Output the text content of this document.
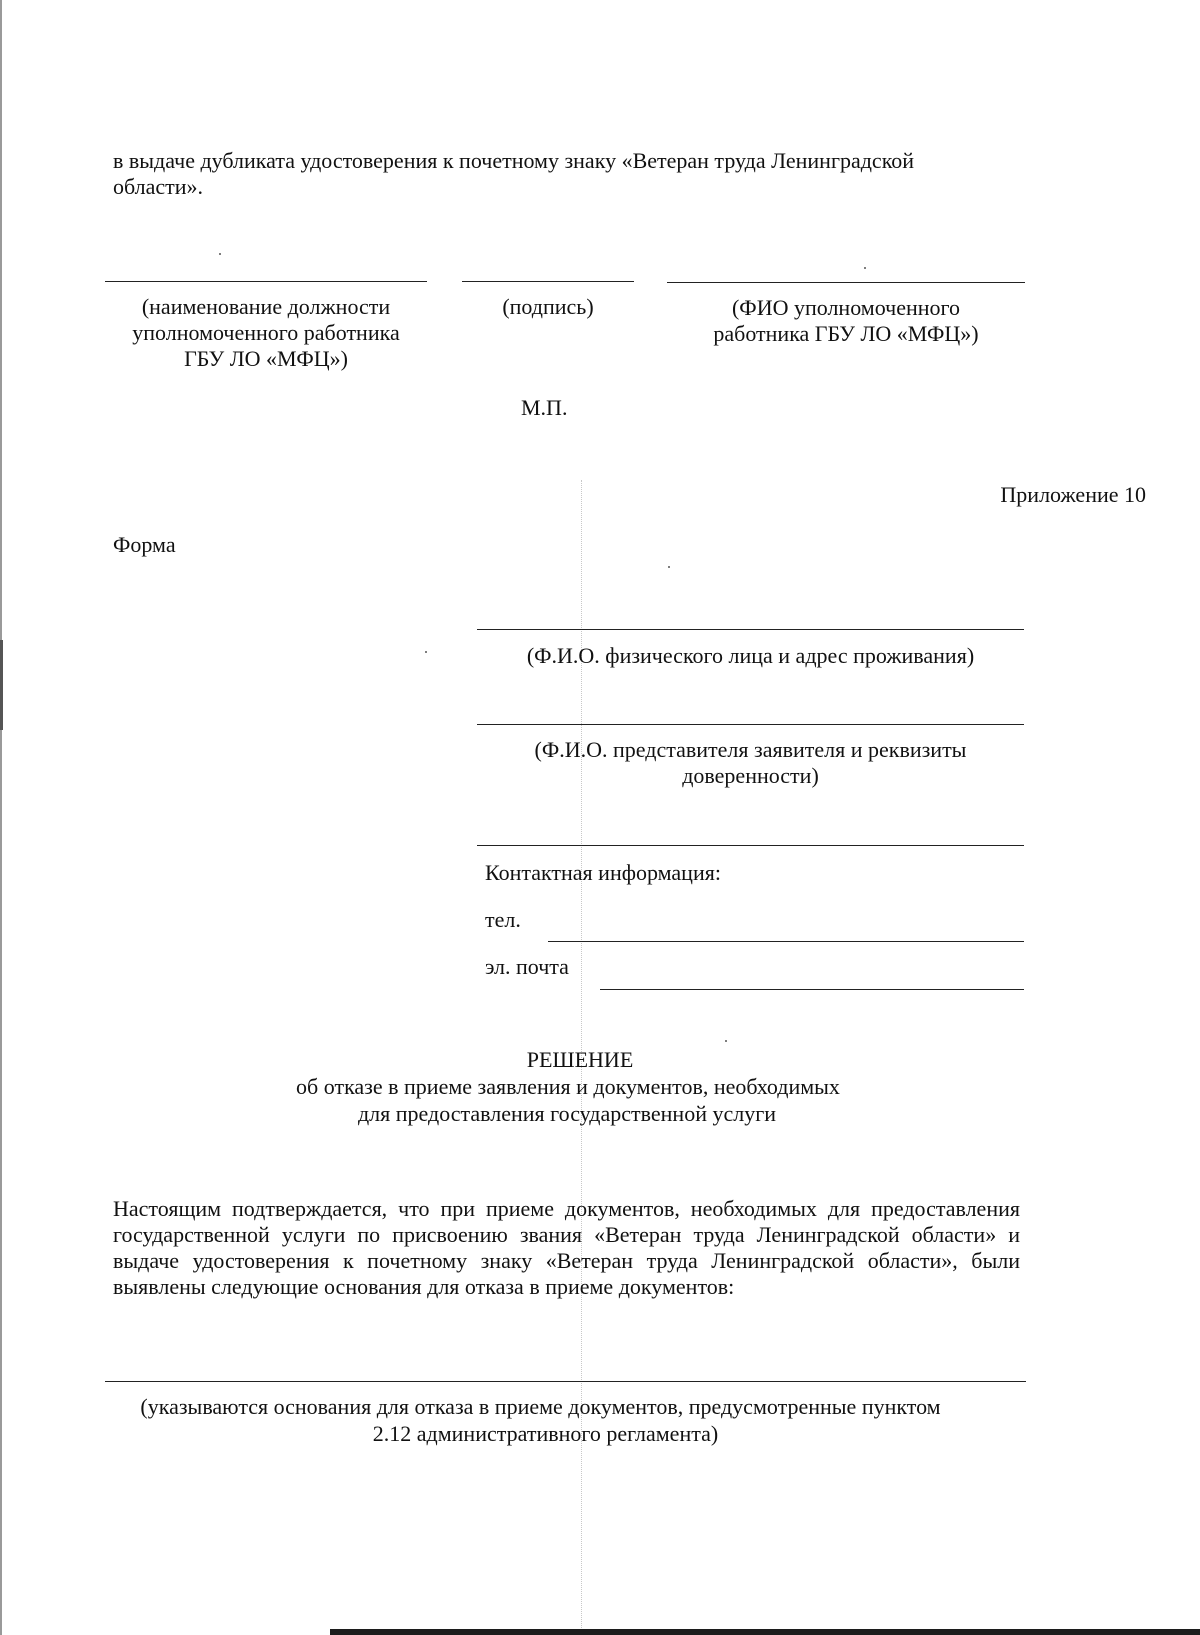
в выдаче дубликата удостоверения к почетному знаку «Ветеран труда Ленинградской
области».
(наименование должности
уполномоченного работника
ГБУ ЛО «МФЦ»)
(подпись)	(ФИО уполномоченного
работника ГБУ ЛО «МФЦ»)
М.П.
Приложение 10
Форма
(Ф.И.О. физического лица и адрес проживания)
(Ф.И.О. представителя заявителя и реквизиты
доверенности)
Контактная информация:
тел.
эл. почта
РЕШЕНИЕ
об отказе в приеме заявления и документов, необходимых
для предоставления государственной услуги
Настоящим подтверждается, что при приеме документов, необходимых для предоставления государственной услуги по присвоению звания «Ветеран труда Ленинградской области» и выдаче удостоверения к почетному знаку «Ветеран труда Ленинградской области», были выявлены следующие основания для отказа в приеме документов:
(указываются основания для отказа в приеме документов, предусмотренные пунктом
2.12 административного регламента)
